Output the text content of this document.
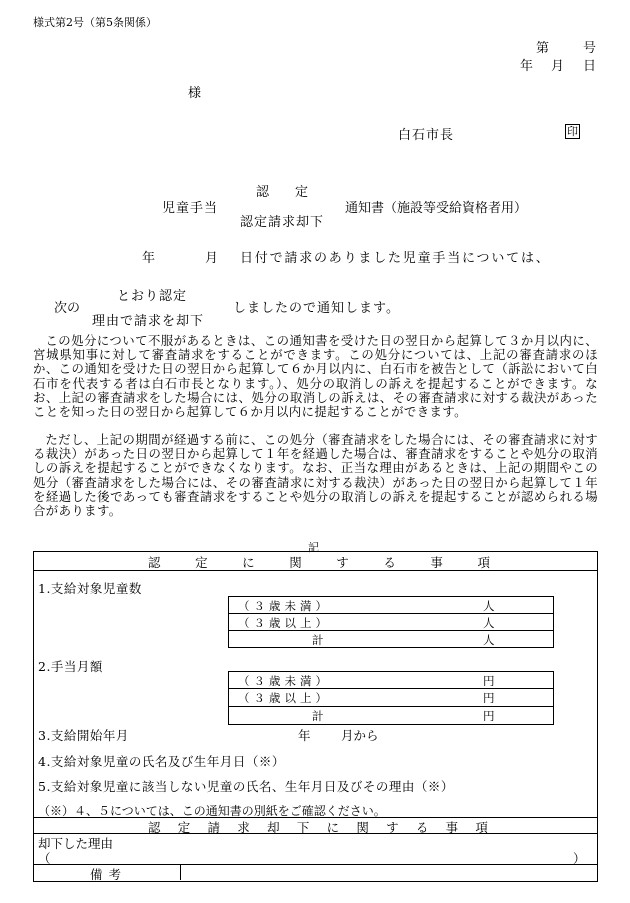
様式第2号（第5条関係）
第	号
年 月 日
様
白石市長	印
認　　定
児童手当	通知書（施設等受給資格者用）
認定請求却下
年	月 日付で請求のありました児童手当については、
とおり認定
次の	しましたので通知します。
理由で請求を却下

この処分について不服があるときは、この通知書を受けた日の翌日から起算して３か月以内に、宮城県知事に対して審査請求をすることができます。この処分については、上記の審査請求のほか、この通知を受けた日の翌日から起算して６か月以内に、白石市を被告として（訴訟において白石市を代表する者は白石市長となります。）、処分の取消しの訴えを提起することができます。なお、上記の審査請求をした場合には、処分の取消しの訴えは、その審査請求に対する裁決があったことを知った日の翌日から起算して６か月以内に提起することができます。

ただし、上記の期間が経過する前に、この処分（審査請求をした場合には、その審査請求に対する裁決）があった日の翌日から起算して１年を経過した場合は、審査請求をすることや処分の取消しの訴えを提起することができなくなります。なお、正当な理由があるときは、上記の期間やこの処分（審査請求をした場合には、その審査請求に対する裁決）があった日の翌日から起算して１年を経過した後であっても審査請求をすることや処分の取消しの訴えを提起することが認められる場合があります。

記
認	定	に	関	す	る	事	項
1.支給対象児童数
（３歳未満）	人
（３歳以上）	人
計	人
2.手当月額
（３歳未満）	円
（３歳以上）	円
計	円
3.支給開始年月	年 月から
4.支給対象児童の氏名及び生年月日（※）
5.支給対象児童に該当しない児童の氏名、生年月日及びその理由（※）
（※）４、５については、この通知書の別紙をご確認ください。
認 定 請 求 却 下 に 関 す る 事 項
却下した理由
（	）
備考
